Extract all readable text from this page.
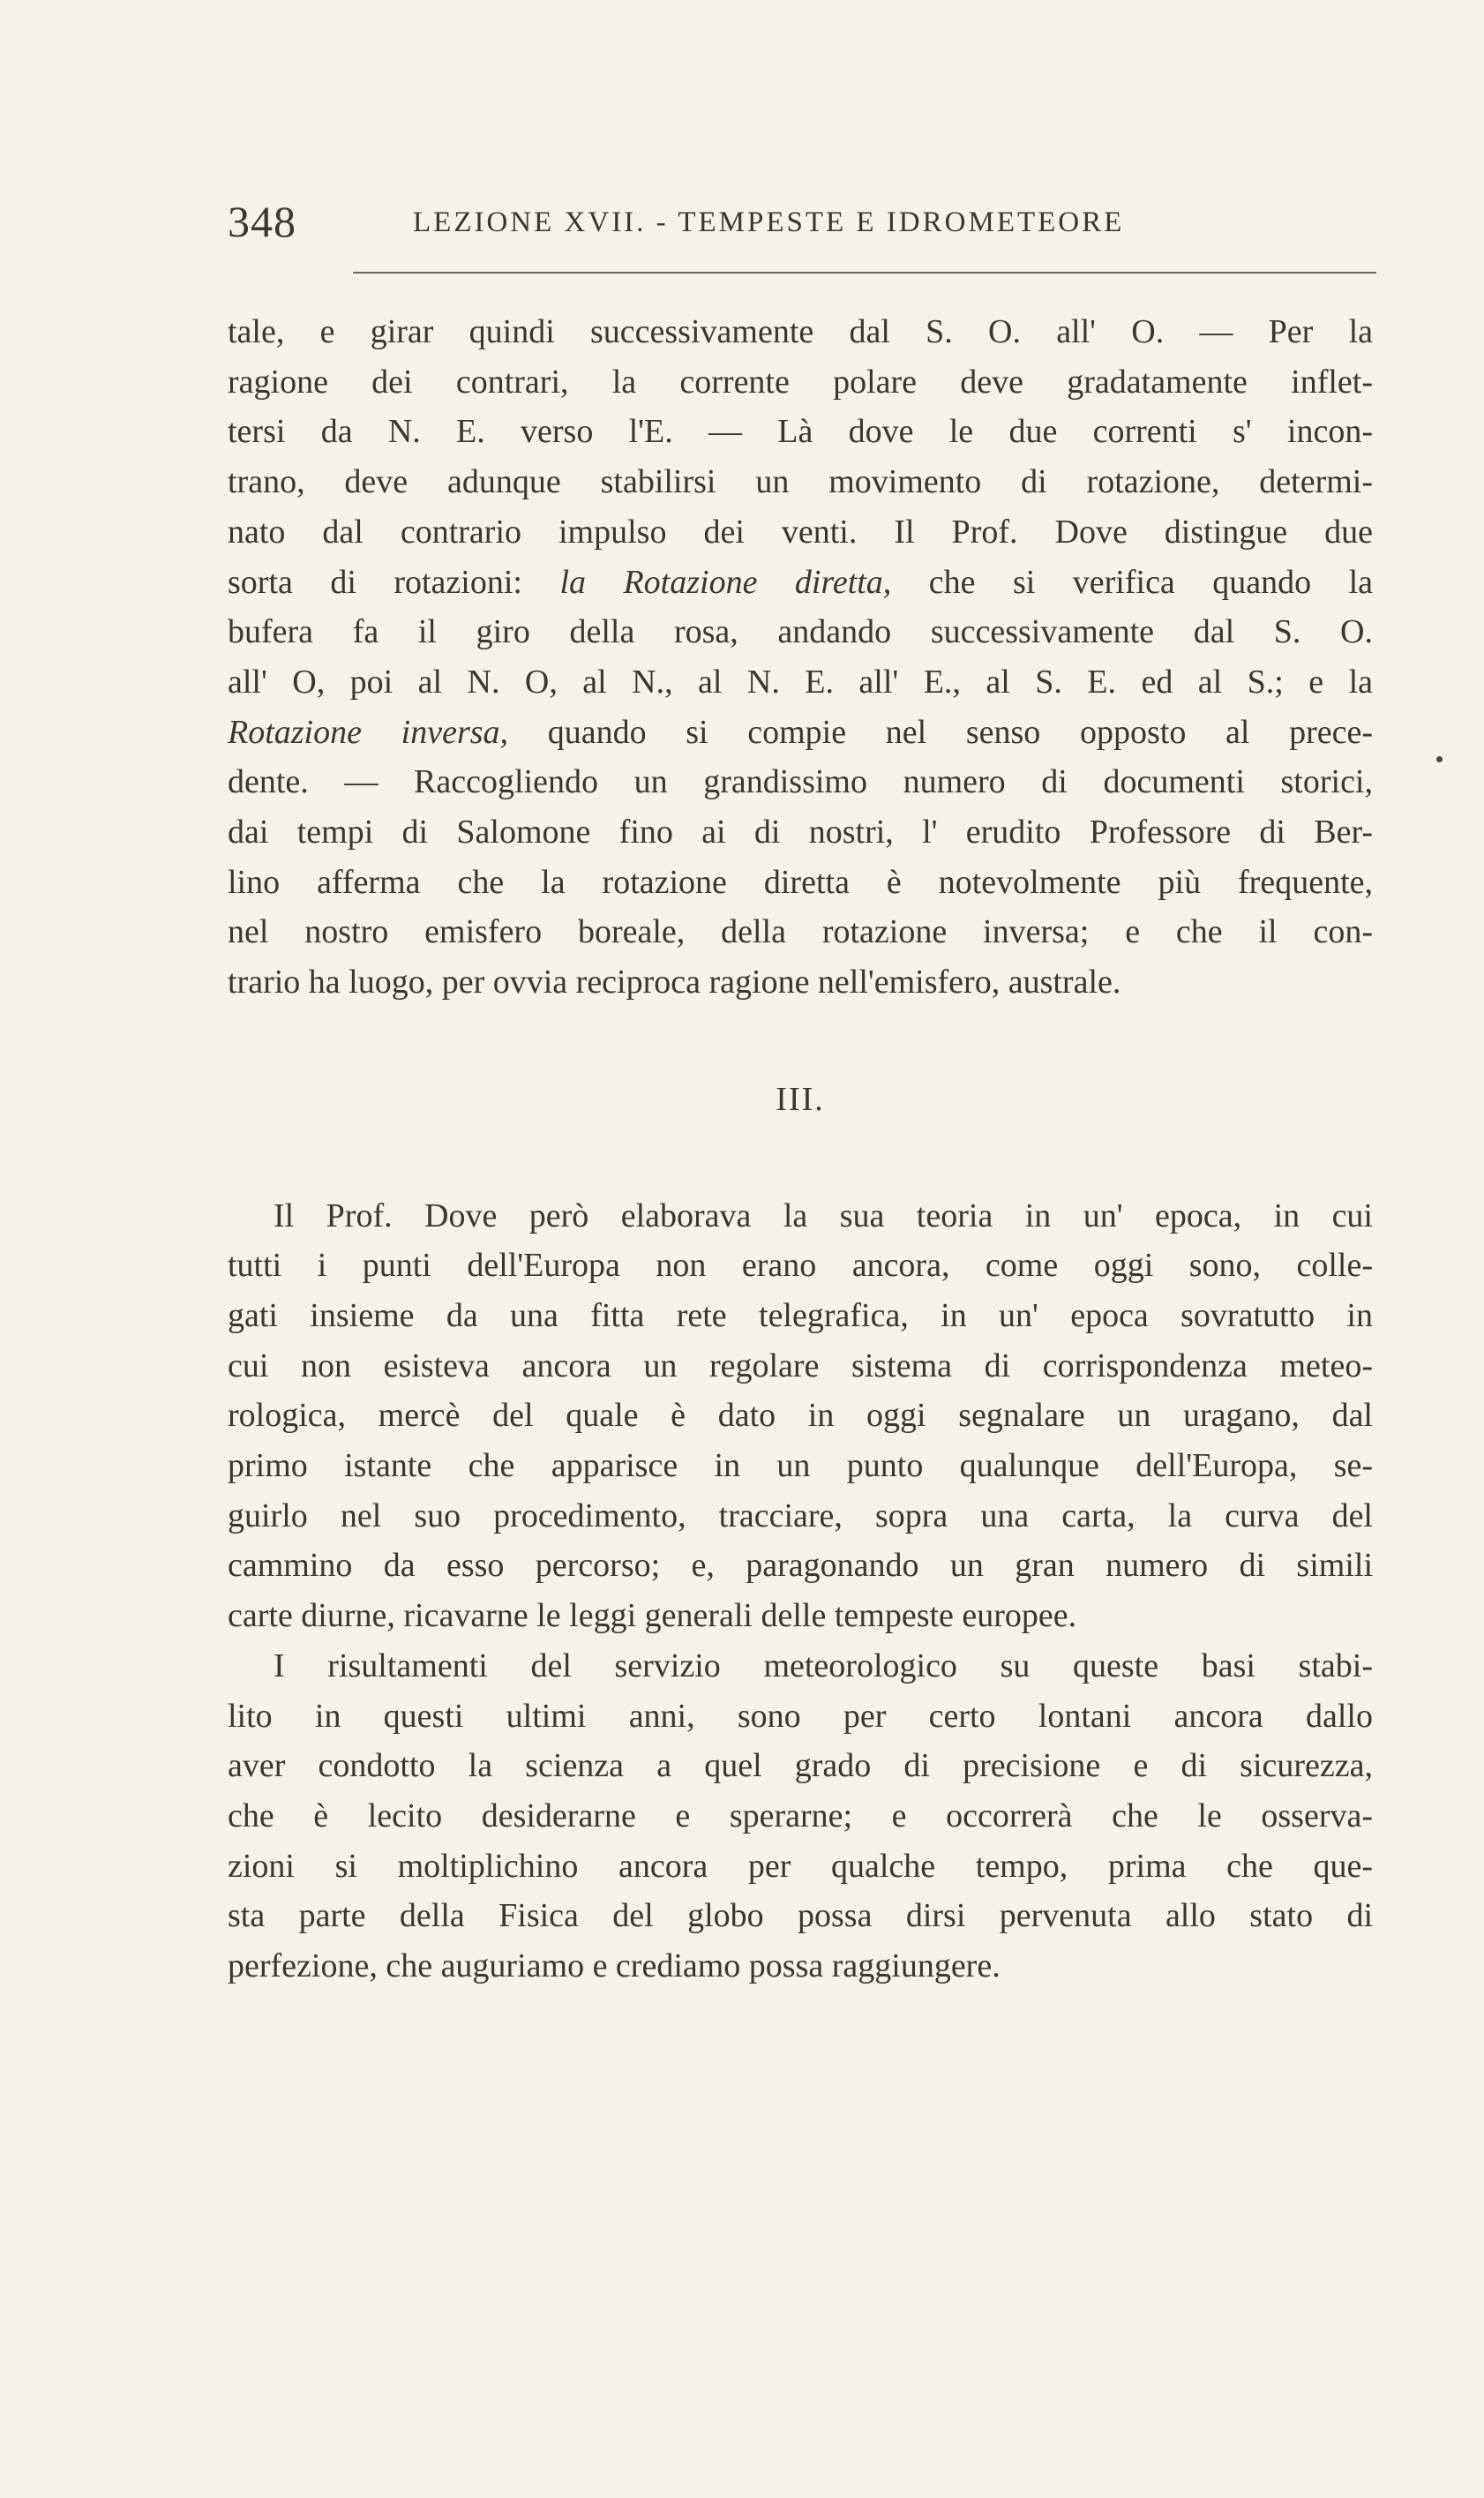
348	LEZIONE XVII. - TEMPESTE E IDROMETEORE

tale, e girar quindi successivamente dal S. O. all' O. — Per la
ragione dei contrari, la corrente polare deve gradatamente inflet-
tersi da N. E. verso l'E. — Là dove le due correnti s' incon-
trano, deve adunque stabilirsi un movimento di rotazione, determi-
nato dal contrario impulso dei venti. Il Prof. Dove distingue due
sorta di rotazioni: la Rotazione diretta, che si verifica quando la
bufera fa il giro della rosa, andando successivamente dal S. O.
all' O, poi al N. O, al N., al N. E. all' E., al S. E. ed al S.; e la
Rotazione inversa, quando si compie nel senso opposto al prece-
dente. — Raccogliendo un grandissimo numero di documenti storici,
dai tempi di Salomone fino ai di nostri, l' erudito Professore di Ber-
lino afferma che la rotazione diretta è notevolmente più frequente,
nel nostro emisfero boreale, della rotazione inversa; e che il con-
trario ha luogo, per ovvia reciproca ragione nell'emisfero, australe.

III.

Il Prof. Dove però elaborava la sua teoria in un' epoca, in cui
tutti i punti dell'Europa non erano ancora, come oggi sono, colle-
gati insieme da una fitta rete telegrafica, in un' epoca sovratutto in
cui non esisteva ancora un regolare sistema di corrispondenza meteo-
rologica, mercè del quale è dato in oggi segnalare un uragano, dal
primo istante che apparisce in un punto qualunque dell'Europa, se-
guirlo nel suo procedimento, tracciare, sopra una carta, la curva del
cammino da esso percorso; e, paragonando un gran numero di simili
carte diurne, ricavarne le leggi generali delle tempeste europee.

I risultamenti del servizio meteorologico su queste basi stabi-
lito in questi ultimi anni, sono per certo lontani ancora dallo
aver condotto la scienza a quel grado di precisione e di sicurezza,
che è lecito desiderarne e sperarne; e occorrerà che le osserva-
zioni si moltiplichino ancora per qualche tempo, prima che que-
sta parte della Fisica del globo possa dirsi pervenuta allo stato di
perfezione, che auguriamo e crediamo possa raggiungere.
